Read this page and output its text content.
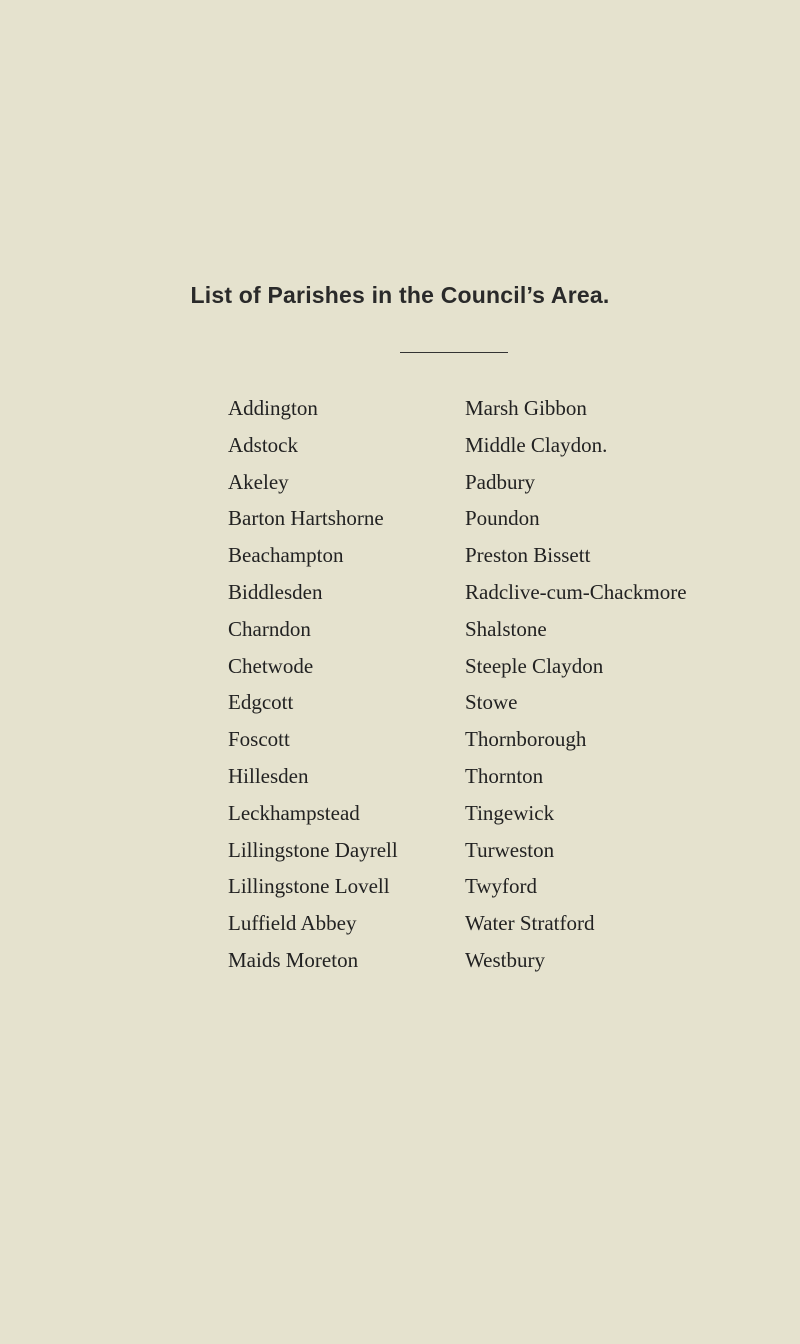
List of Parishes in the Council’s Area.
Addington
Adstock
Akeley
Barton Hartshorne
Beachampton
Biddlesden
Charndon
Chetwode
Edgcott
Foscott
Hillesden
Leckhampstead
Lillingstone Dayrell
Lillingstone Lovell
Luffield Abbey
Maids Moreton
Marsh Gibbon
Middle Claydon.
Padbury
Poundon
Preston Bissett
Radclive-cum-Chackmore
Shalstone
Steeple Claydon
Stowe
Thornborough
Thornton
Tingewick
Turweston
Twyford
Water Stratford
Westbury
